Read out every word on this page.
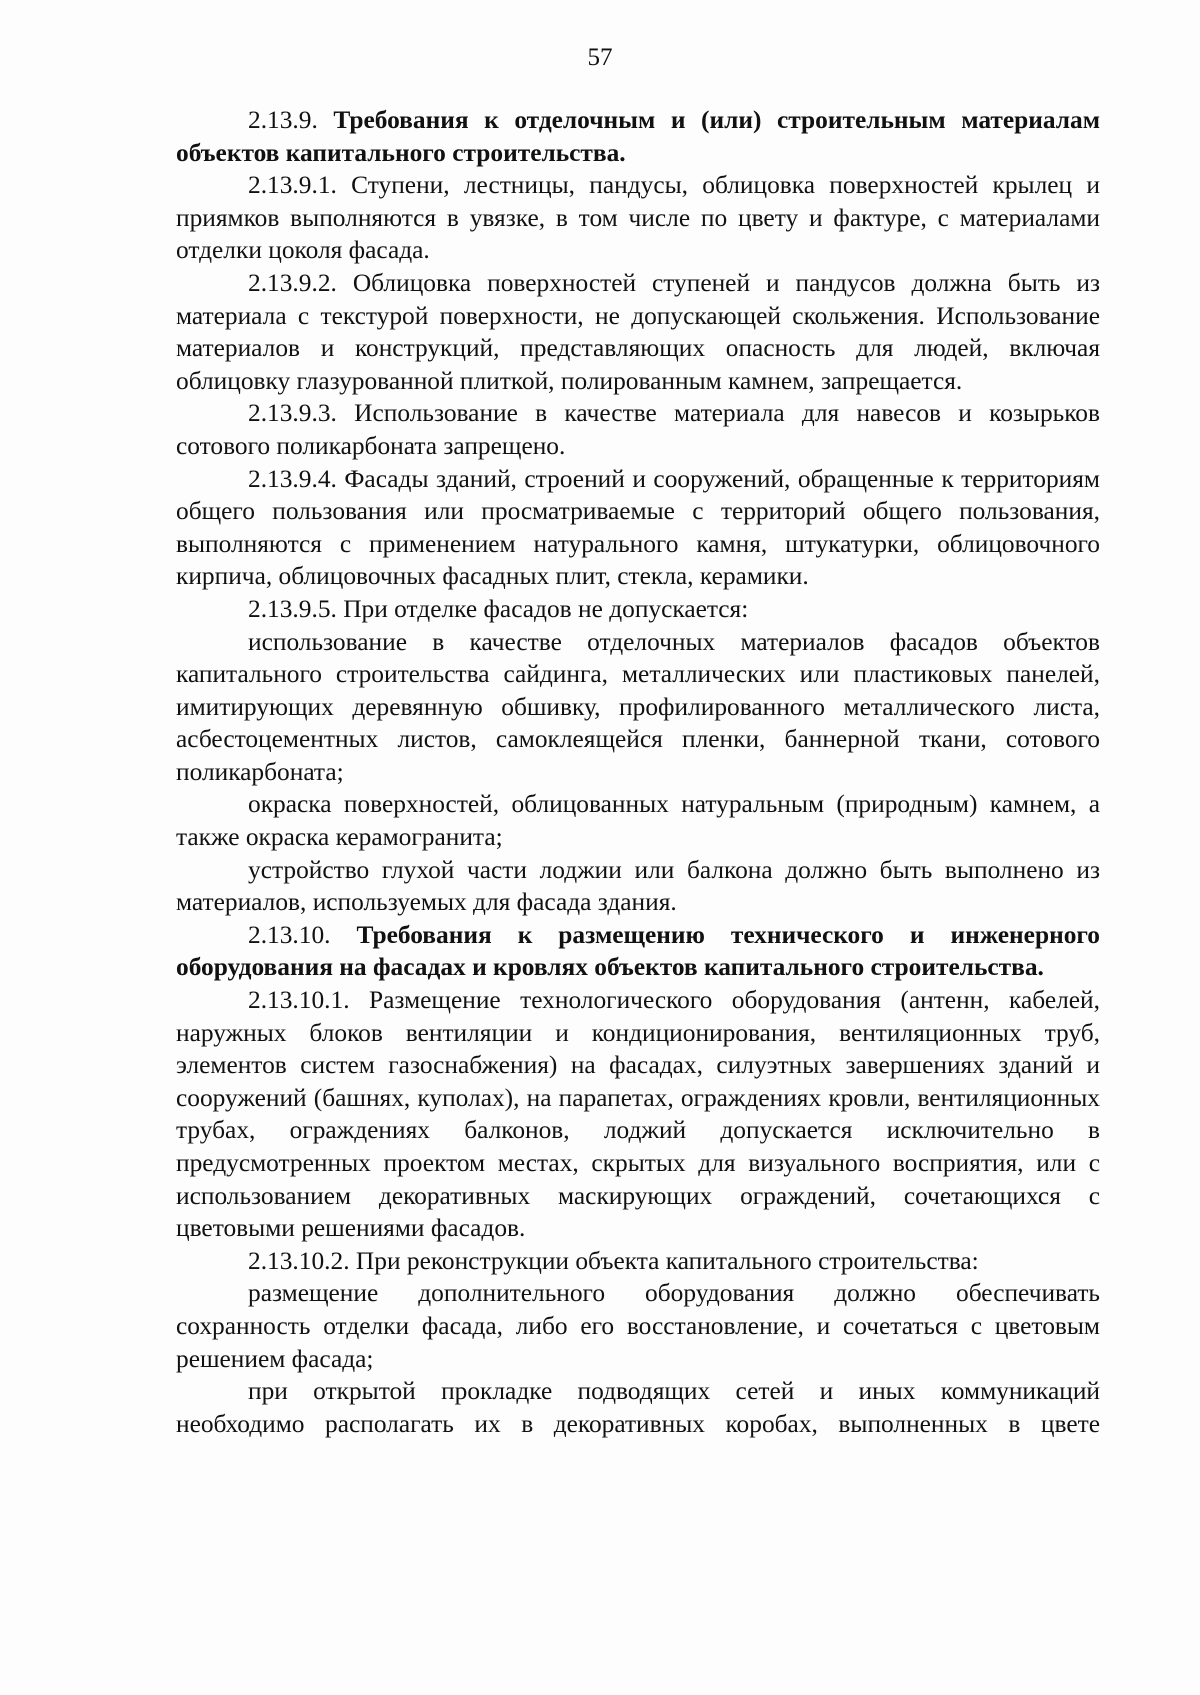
57

2.13.9. Требования к отделочным и (или) строительным материалам объектов капитального строительства.

2.13.9.1. Ступени, лестницы, пандусы, облицовка поверхностей крылец и приямков выполняются в увязке, в том числе по цвету и фактуре, с материалами отделки цоколя фасада.

2.13.9.2. Облицовка поверхностей ступеней и пандусов должна быть из материала с текстурой поверхности, не допускающей скольжения. Использование материалов и конструкций, представляющих опасность для людей, включая облицовку глазурованной плиткой, полированным камнем, запрещается.

2.13.9.3. Использование в качестве материала для навесов и козырьков сотового поликарбоната запрещено.

2.13.9.4. Фасады зданий, строений и сооружений, обращенные к территориям общего пользования или просматриваемые с территорий общего пользования, выполняются с применением натурального камня, штукатурки, облицовочного кирпича, облицовочных фасадных плит, стекла, керамики.

2.13.9.5. При отделке фасадов не допускается:

использование в качестве отделочных материалов фасадов объектов капитального строительства сайдинга, металлических или пластиковых панелей, имитирующих деревянную обшивку, профилированного металлического листа, асбестоцементных листов, самоклеящейся пленки, баннерной ткани, сотового поликарбоната;

окраска поверхностей, облицованных натуральным (природным) камнем, а также окраска керамогранита;

устройство глухой части лоджии или балкона должно быть выполнено из материалов, используемых для фасада здания.

2.13.10. Требования к размещению технического и инженерного оборудования на фасадах и кровлях объектов капитального строительства.

2.13.10.1. Размещение технологического оборудования (антенн, кабелей, наружных блоков вентиляции и кондиционирования, вентиляционных труб, элементов систем газоснабжения) на фасадах, силуэтных завершениях зданий и сооружений (башнях, куполах), на парапетах, ограждениях кровли, вентиляционных трубах, ограждениях балконов, лоджий допускается исключительно в предусмотренных проектом местах, скрытых для визуального восприятия, или с использованием декоративных маскирующих ограждений, сочетающихся с цветовыми решениями фасадов.

2.13.10.2. При реконструкции объекта капитального строительства:

размещение дополнительного оборудования должно обеспечивать сохранность отделки фасада, либо его восстановление, и сочетаться с цветовым решением фасада;

при открытой прокладке подводящих сетей и иных коммуникаций необходимо располагать их в декоративных коробах, выполненных в цвете
